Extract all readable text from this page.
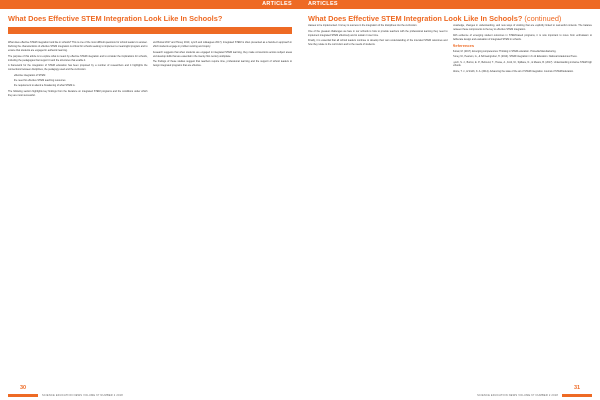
ARTICLES
What Does Effective STEM Integration Look Like In Schools?
By Claire Holt

What does effective STEM integration look like in schools? This is one of the most difficult questions for school leaders to answer. Defining the characteristics of effective STEM integration is critical for schools seeking to implement a meaningful program and to ensure that students are engaged in authentic learning.

The purpose of this article is to explore what is meant by effective STEM integration and to consider the implications for schools, including the pedagogies that support it and the structures that enable it.

A framework for the integration of STEM education has been proposed by a number of researchers and it highlights the connections between disciplines, the pedagogy used and the curriculum.

• effective integration of STEM
• the need for effective STEM teaching resources
• the requirement to attend a broadening of what STEM is.

The following section highlights key findings from the literature on integrated STEM programs and the conditions under which they are most successful.

and Bursal 2017 and Honey 2014; Lynch and colleagues 2017). Integrated STEM is often presented as a hands-on approach in which students engage in problem solving and inquiry.

Research suggests that when students are engaged in integrated STEM learning, they make connections across subject areas and develop skills that are essential in the twenty-first century workplace.

The findings of these studies suggest that teachers require time, professional learning and the support of school leaders to design integrated programs that are effective.

30
SCIENCE EDUCATION NEWS VOLUME 67 NUMBER 2 2018
ARTICLES
What Does Effective STEM Integration Look Like In Schools? (continued)

classes to be implemented. It is key to success in the integration of the disciplines into the curriculum.

One of the greatest challenges we face in our schools is how to provide teachers with the professional learning they need to implement integrated STEM effectively and to sustain it over time.

Finally, it is essential that all school leaders continue to develop their own understanding of the intended STEM outcomes and how they relate to the curriculum and to the needs of students.

knowledge, changes in understanding, and new ways of working that are explicitly linked to real-world contexts. The balance between these components is the key to effective STEM integration.

With evidence of emerging student outcomes in STEM-based programs, it is now important to move from enthusiasm to deliberate design and evaluation of integrated STEM in schools.

References

Bursal, M. (2017). Emerging competencies: Thinking in STEM education. Procedia Manufacturing.

Honey, M., Pearson, G., & Schweingruber, H. (2014). STEM Integration in K-12 Education. National Academies Press.

Lynch, S. J., Burton, E. P., Behrend, T., House, A., Ford, M., Spillane, N., & Means, B. (2017). Understanding inclusive STEM high schools.

Moore, T. J., & Smith, K. A. (2014). Advancing the state of the art of STEM integration. Journal of STEM Education.

SCIENCE EDUCATION NEWS VOLUME 67 NUMBER 2 2018
31
